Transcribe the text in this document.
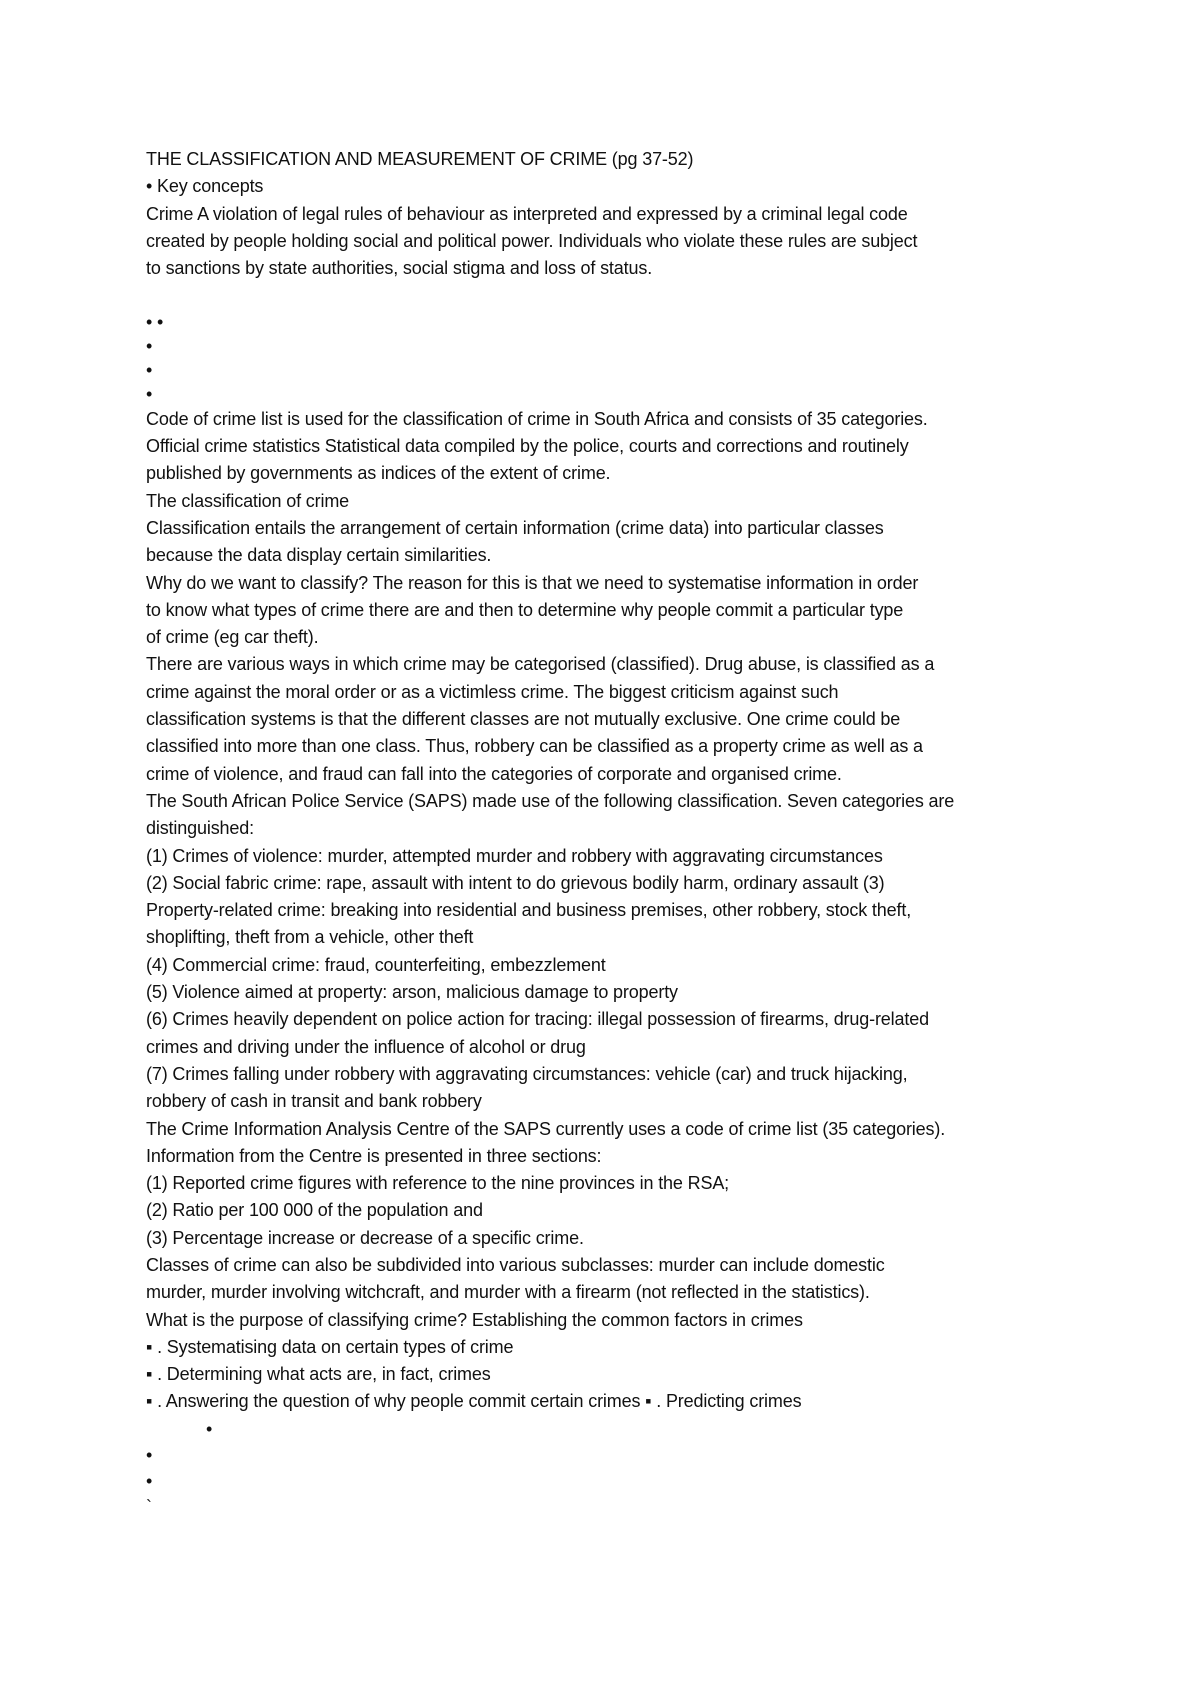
THE CLASSIFICATION AND MEASUREMENT OF CRIME (pg 37-52)
• Key concepts
Crime A violation of legal rules of behaviour as interpreted and expressed by a criminal legal code
created by people holding social and political power. Individuals who violate these rules are subject
to sanctions by state authorities, social stigma and loss of status.
• •
•
•
•
Code of crime list is used for the classification of crime in South Africa and consists of 35 categories.
Official crime statistics Statistical data compiled by the police, courts and corrections and routinely
published by governments as indices of the extent of crime.
The classification of crime
Classification entails the arrangement of certain information (crime data) into particular classes
because the data display certain similarities.
Why do we want to classify? The reason for this is that we need to systematise information in order
to know what types of crime there are and then to determine why people commit a particular type
of crime (eg car theft).
There are various ways in which crime may be categorised (classified). Drug abuse, is classified as a
crime against the moral order or as a victimless crime. The biggest criticism against such
classification systems is that the different classes are not mutually exclusive. One crime could be
classified into more than one class. Thus, robbery can be classified as a property crime as well as a
crime of violence, and fraud can fall into the categories of corporate and organised crime.
The South African Police Service (SAPS) made use of the following classification. Seven categories are
distinguished:
(1) Crimes of violence: murder, attempted murder and robbery with aggravating circumstances
(2) Social fabric crime: rape, assault with intent to do grievous bodily harm, ordinary assault (3)
Property-related crime: breaking into residential and business premises, other robbery, stock theft,
shoplifting, theft from a vehicle, other theft
(4) Commercial crime: fraud, counterfeiting, embezzlement
(5) Violence aimed at property: arson, malicious damage to property
(6) Crimes heavily dependent on police action for tracing: illegal possession of firearms, drug-related
crimes and driving under the influence of alcohol or drug
(7) Crimes falling under robbery with aggravating circumstances: vehicle (car) and truck hijacking,
robbery of cash in transit and bank robbery
The Crime Information Analysis Centre of the SAPS currently uses a code of crime list (35 categories).
Information from the Centre is presented in three sections:
(1) Reported crime figures with reference to the nine provinces in the RSA;
(2) Ratio per 100 000 of the population and
(3) Percentage increase or decrease of a specific crime.
Classes of crime can also be subdivided into various subclasses: murder can include domestic
murder, murder involving witchcraft, and murder with a firearm (not reflected in the statistics).
What is the purpose of classifying crime? Establishing the common factors in crimes
▪ . Systematising data on certain types of crime
▪ . Determining what acts are, in fact, crimes
▪ . Answering the question of why people commit certain crimes ▪ . Predicting crimes
•
•
•
`
